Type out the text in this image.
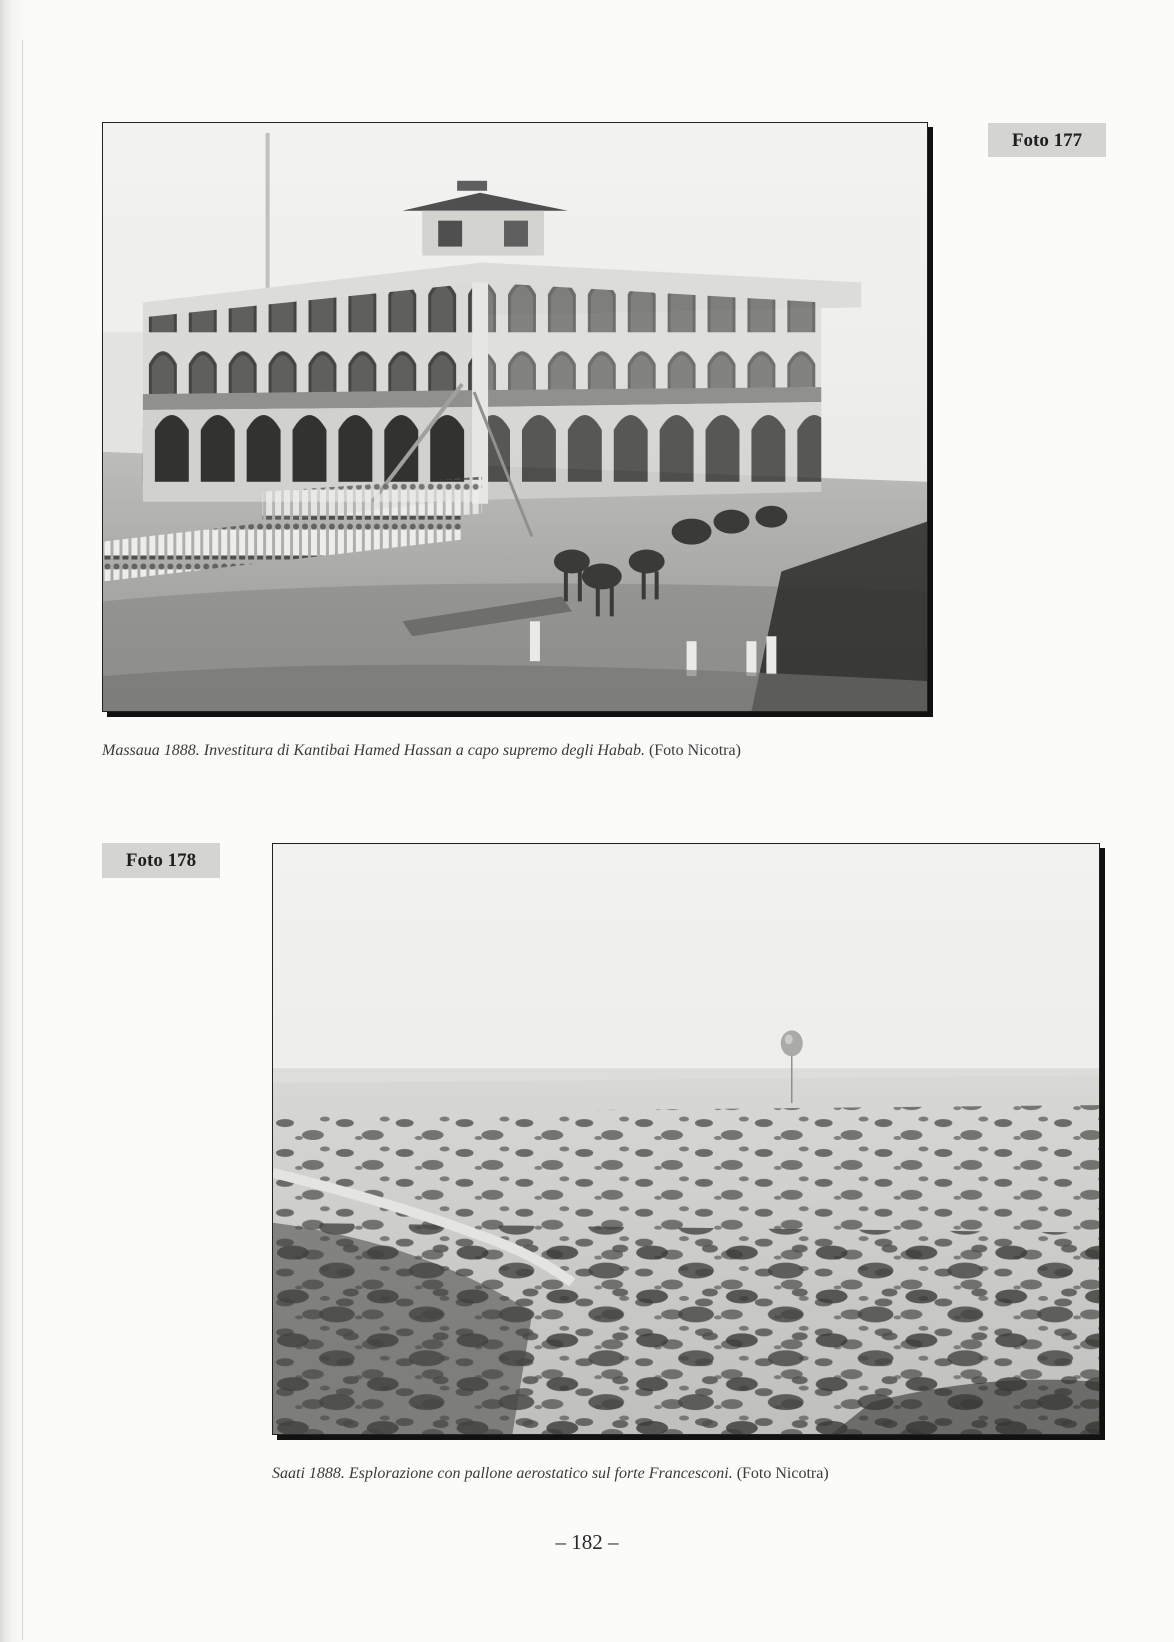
Foto 177
Massaua 1888. Investitura di Kantibai Hamed Hassan a capo supremo degli Habab. (Foto Nicotra)
Foto 178
Saati 1888. Esplorazione con pallone aerostatico sul forte Francesconi. (Foto Nicotra)
– 182 –
